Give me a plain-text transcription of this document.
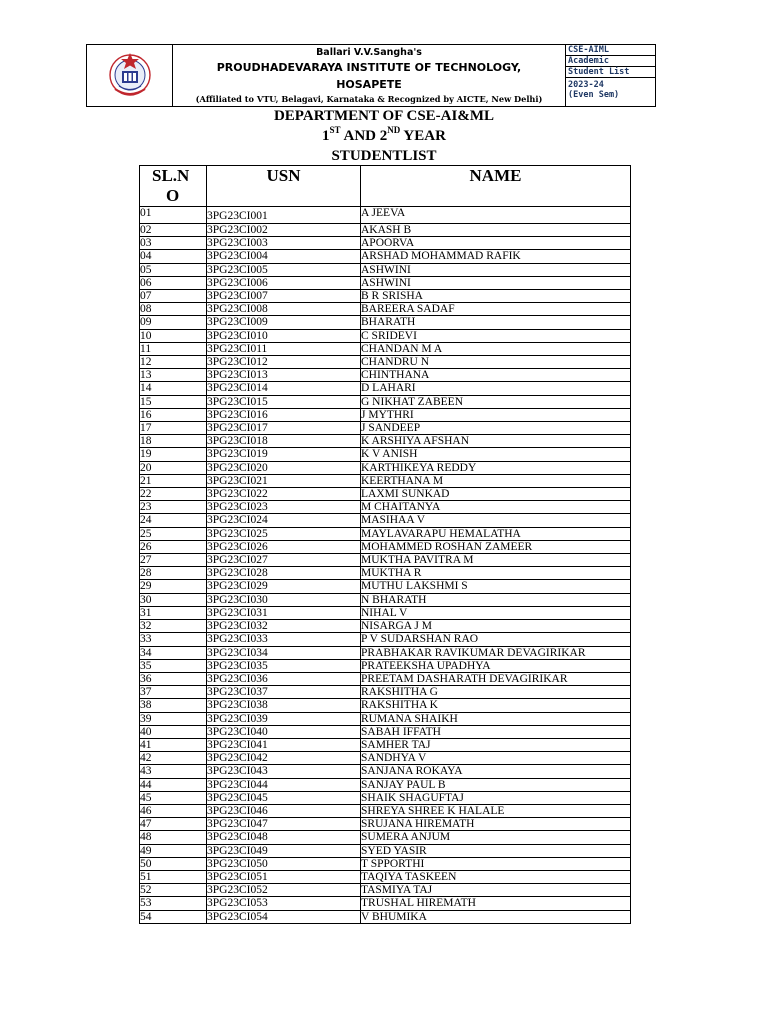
Ballari V.V.Sangha's
PROUDHADEVARAYA INSTITUTE OF TECHNOLOGY,
HOSAPETE
(Affiliated to VTU, Belagavi, Karnataka & Recognized by AICTE, New Delhi)
CSE-AIML
Academic
Student List
2023-24
(Even Sem)
DEPARTMENT OF CSE-AI&ML
1ST AND 2ND YEAR
STUDENTLIST
SL.N
O	USN	NAME
01	3PG23CI001	A JEEVA
02	3PG23CI002	AKASH B
03	3PG23CI003	APOORVA
04	3PG23CI004	ARSHAD MOHAMMAD RAFIK
05	3PG23CI005	ASHWINI
06	3PG23CI006	ASHWINI
07	3PG23CI007	B R SRISHA
08	3PG23CI008	BAREERA SADAF
09	3PG23CI009	BHARATH
10	3PG23CI010	C SRIDEVI
11	3PG23CI011	CHANDAN M A
12	3PG23CI012	CHANDRU N
13	3PG23CI013	CHINTHANA
14	3PG23CI014	D LAHARI
15	3PG23CI015	G NIKHAT ZABEEN
16	3PG23CI016	J MYTHRI
17	3PG23CI017	J SANDEEP
18	3PG23CI018	K ARSHIYA AFSHAN
19	3PG23CI019	K V ANISH
20	3PG23CI020	KARTHIKEYA REDDY
21	3PG23CI021	KEERTHANA M
22	3PG23CI022	LAXMI SUNKAD
23	3PG23CI023	M CHAITANYA
24	3PG23CI024	MASIHAA V
25	3PG23CI025	MAYLAVARAPU HEMALATHA
26	3PG23CI026	MOHAMMED ROSHAN ZAMEER
27	3PG23CI027	MUKTHA PAVITRA M
28	3PG23CI028	MUKTHA R
29	3PG23CI029	MUTHU LAKSHMI S
30	3PG23CI030	N BHARATH
31	3PG23CI031	NIHAL V
32	3PG23CI032	NISARGA J M
33	3PG23CI033	P V SUDARSHAN RAO
34	3PG23CI034	PRABHAKAR RAVIKUMAR DEVAGIRIKAR
35	3PG23CI035	PRATEEKSHA UPADHYA
36	3PG23CI036	PREETAM DASHARATH DEVAGIRIKAR
37	3PG23CI037	RAKSHITHA G
38	3PG23CI038	RAKSHITHA K
39	3PG23CI039	RUMANA SHAIKH
40	3PG23CI040	SABAH IFFATH
41	3PG23CI041	SAMHER TAJ
42	3PG23CI042	SANDHYA V
43	3PG23CI043	SANJANA ROKAYA
44	3PG23CI044	SANJAY PAUL B
45	3PG23CI045	SHAIK SHAGUFTAJ
46	3PG23CI046	SHREYA SHREE K HALALE
47	3PG23CI047	SRUJANA HIREMATH
48	3PG23CI048	SUMERA ANJUM
49	3PG23CI049	SYED YASIR
50	3PG23CI050	T SPPORTHI
51	3PG23CI051	TAQIYA TASKEEN
52	3PG23CI052	TASMIYA TAJ
53	3PG23CI053	TRUSHAL HIREMATH
54	3PG23CI054	V BHUMIKA
